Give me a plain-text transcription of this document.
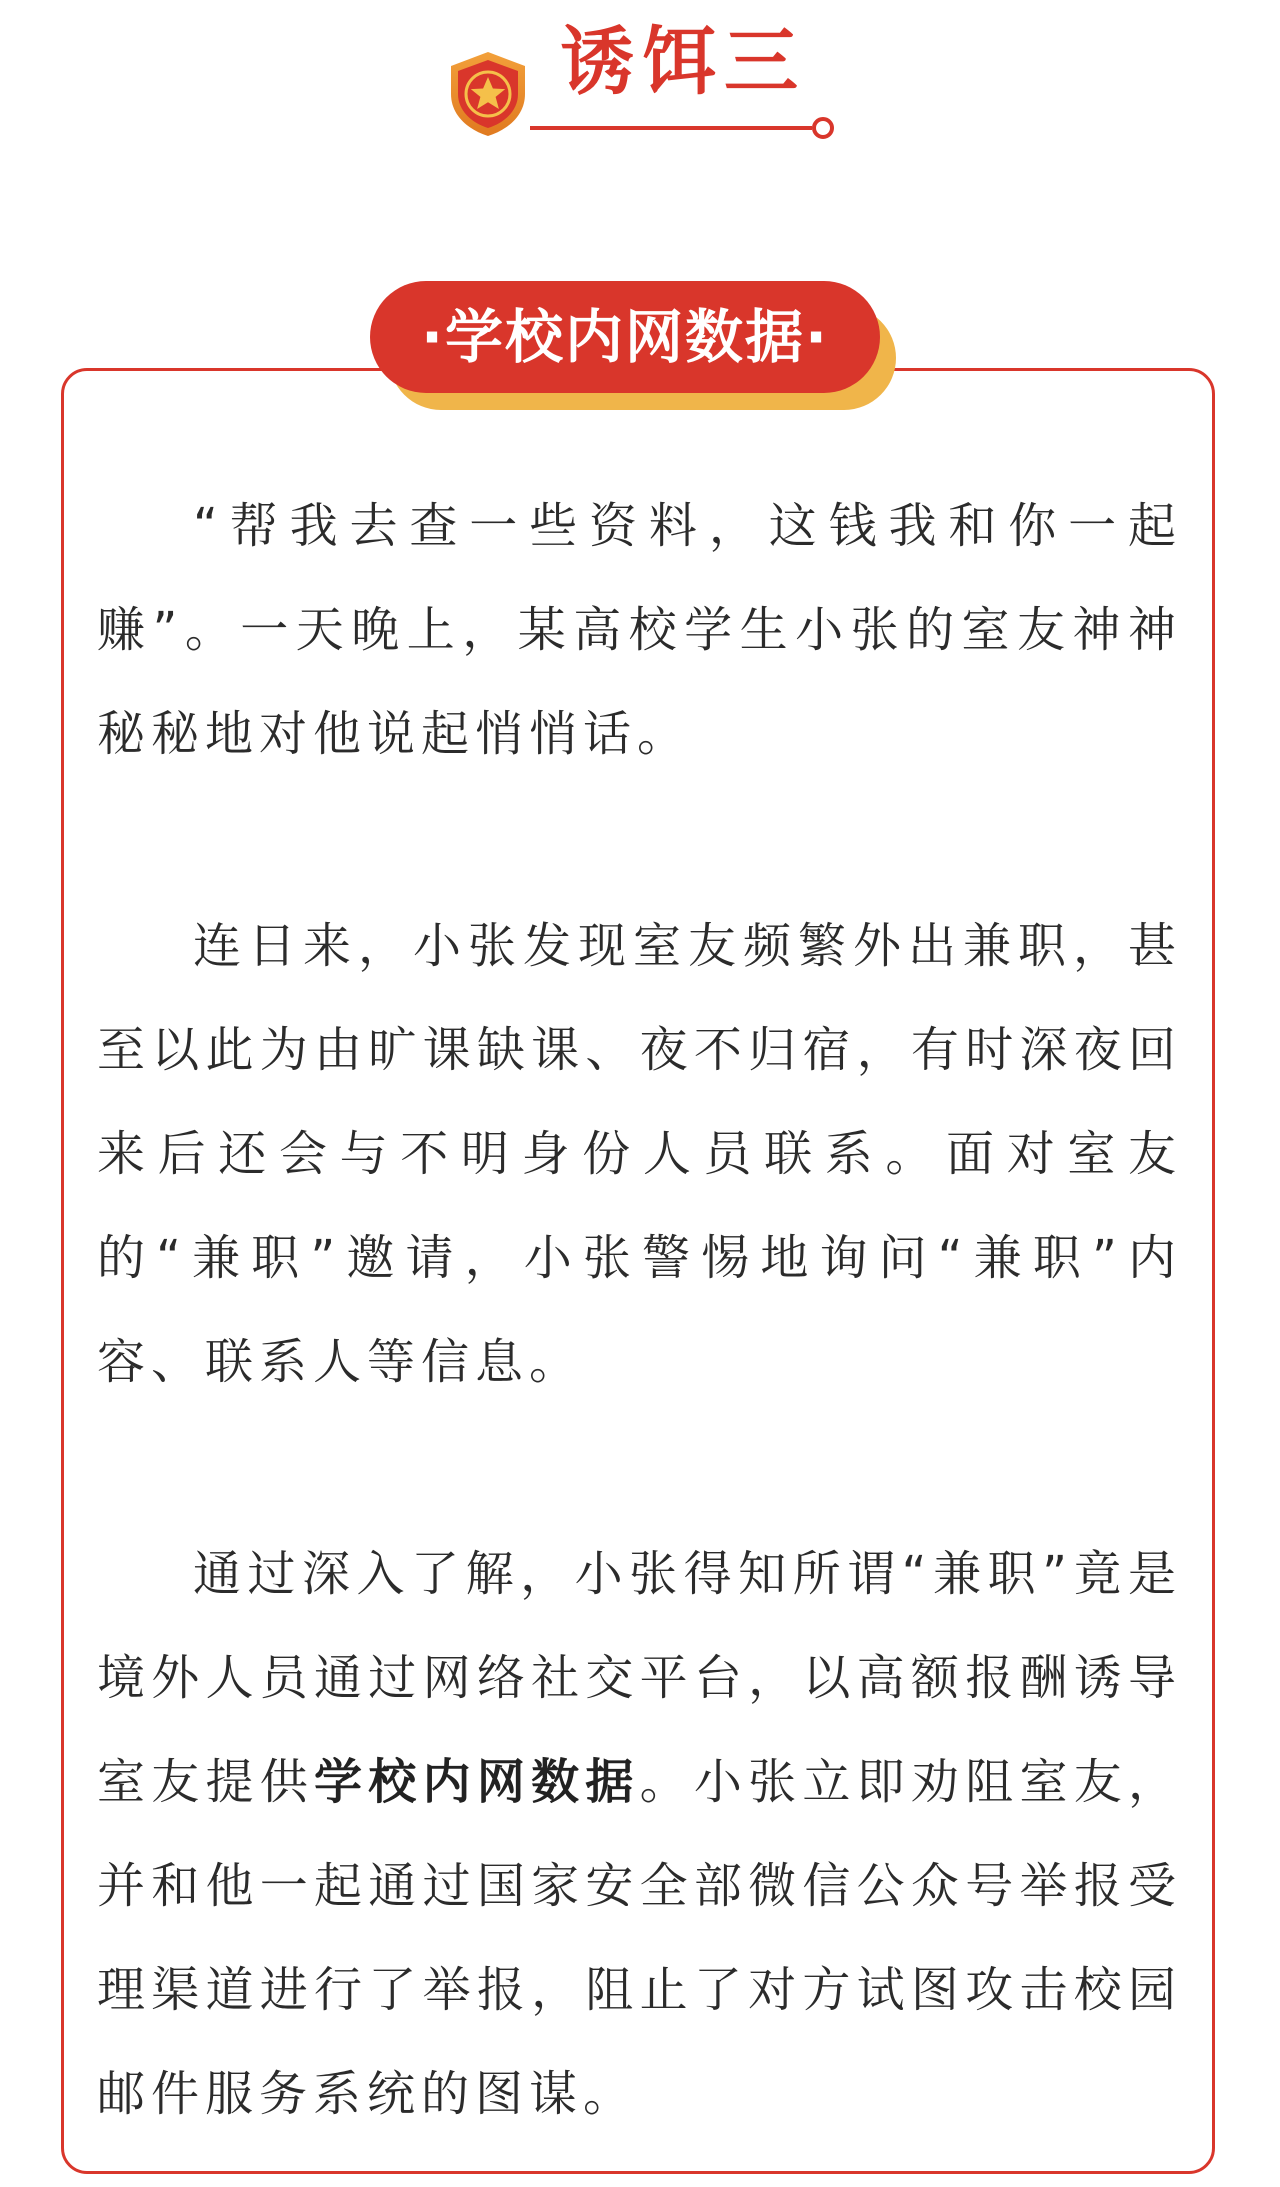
诱饵三
·学校内网数据·

“帮我去查一些资料，这钱我和你一起赚”。一天晚上，某高校学生小张的室友神神秘秘地对他说起悄悄话。

连日来，小张发现室友频繁外出兼职，甚至以此为由旷课缺课、夜不归宿，有时深夜回来后还会与不明身份人员联系。面对室友的“兼职”邀请，小张警惕地询问“兼职”内容、联系人等信息。

通过深入了解，小张得知所谓“兼职”竟是境外人员通过网络社交平台，以高额报酬诱导室友提供学校内网数据。小张立即劝阻室友，并和他一起通过国家安全部微信公众号举报受理渠道进行了举报，阻止了对方试图攻击校园邮件服务系统的图谋。
